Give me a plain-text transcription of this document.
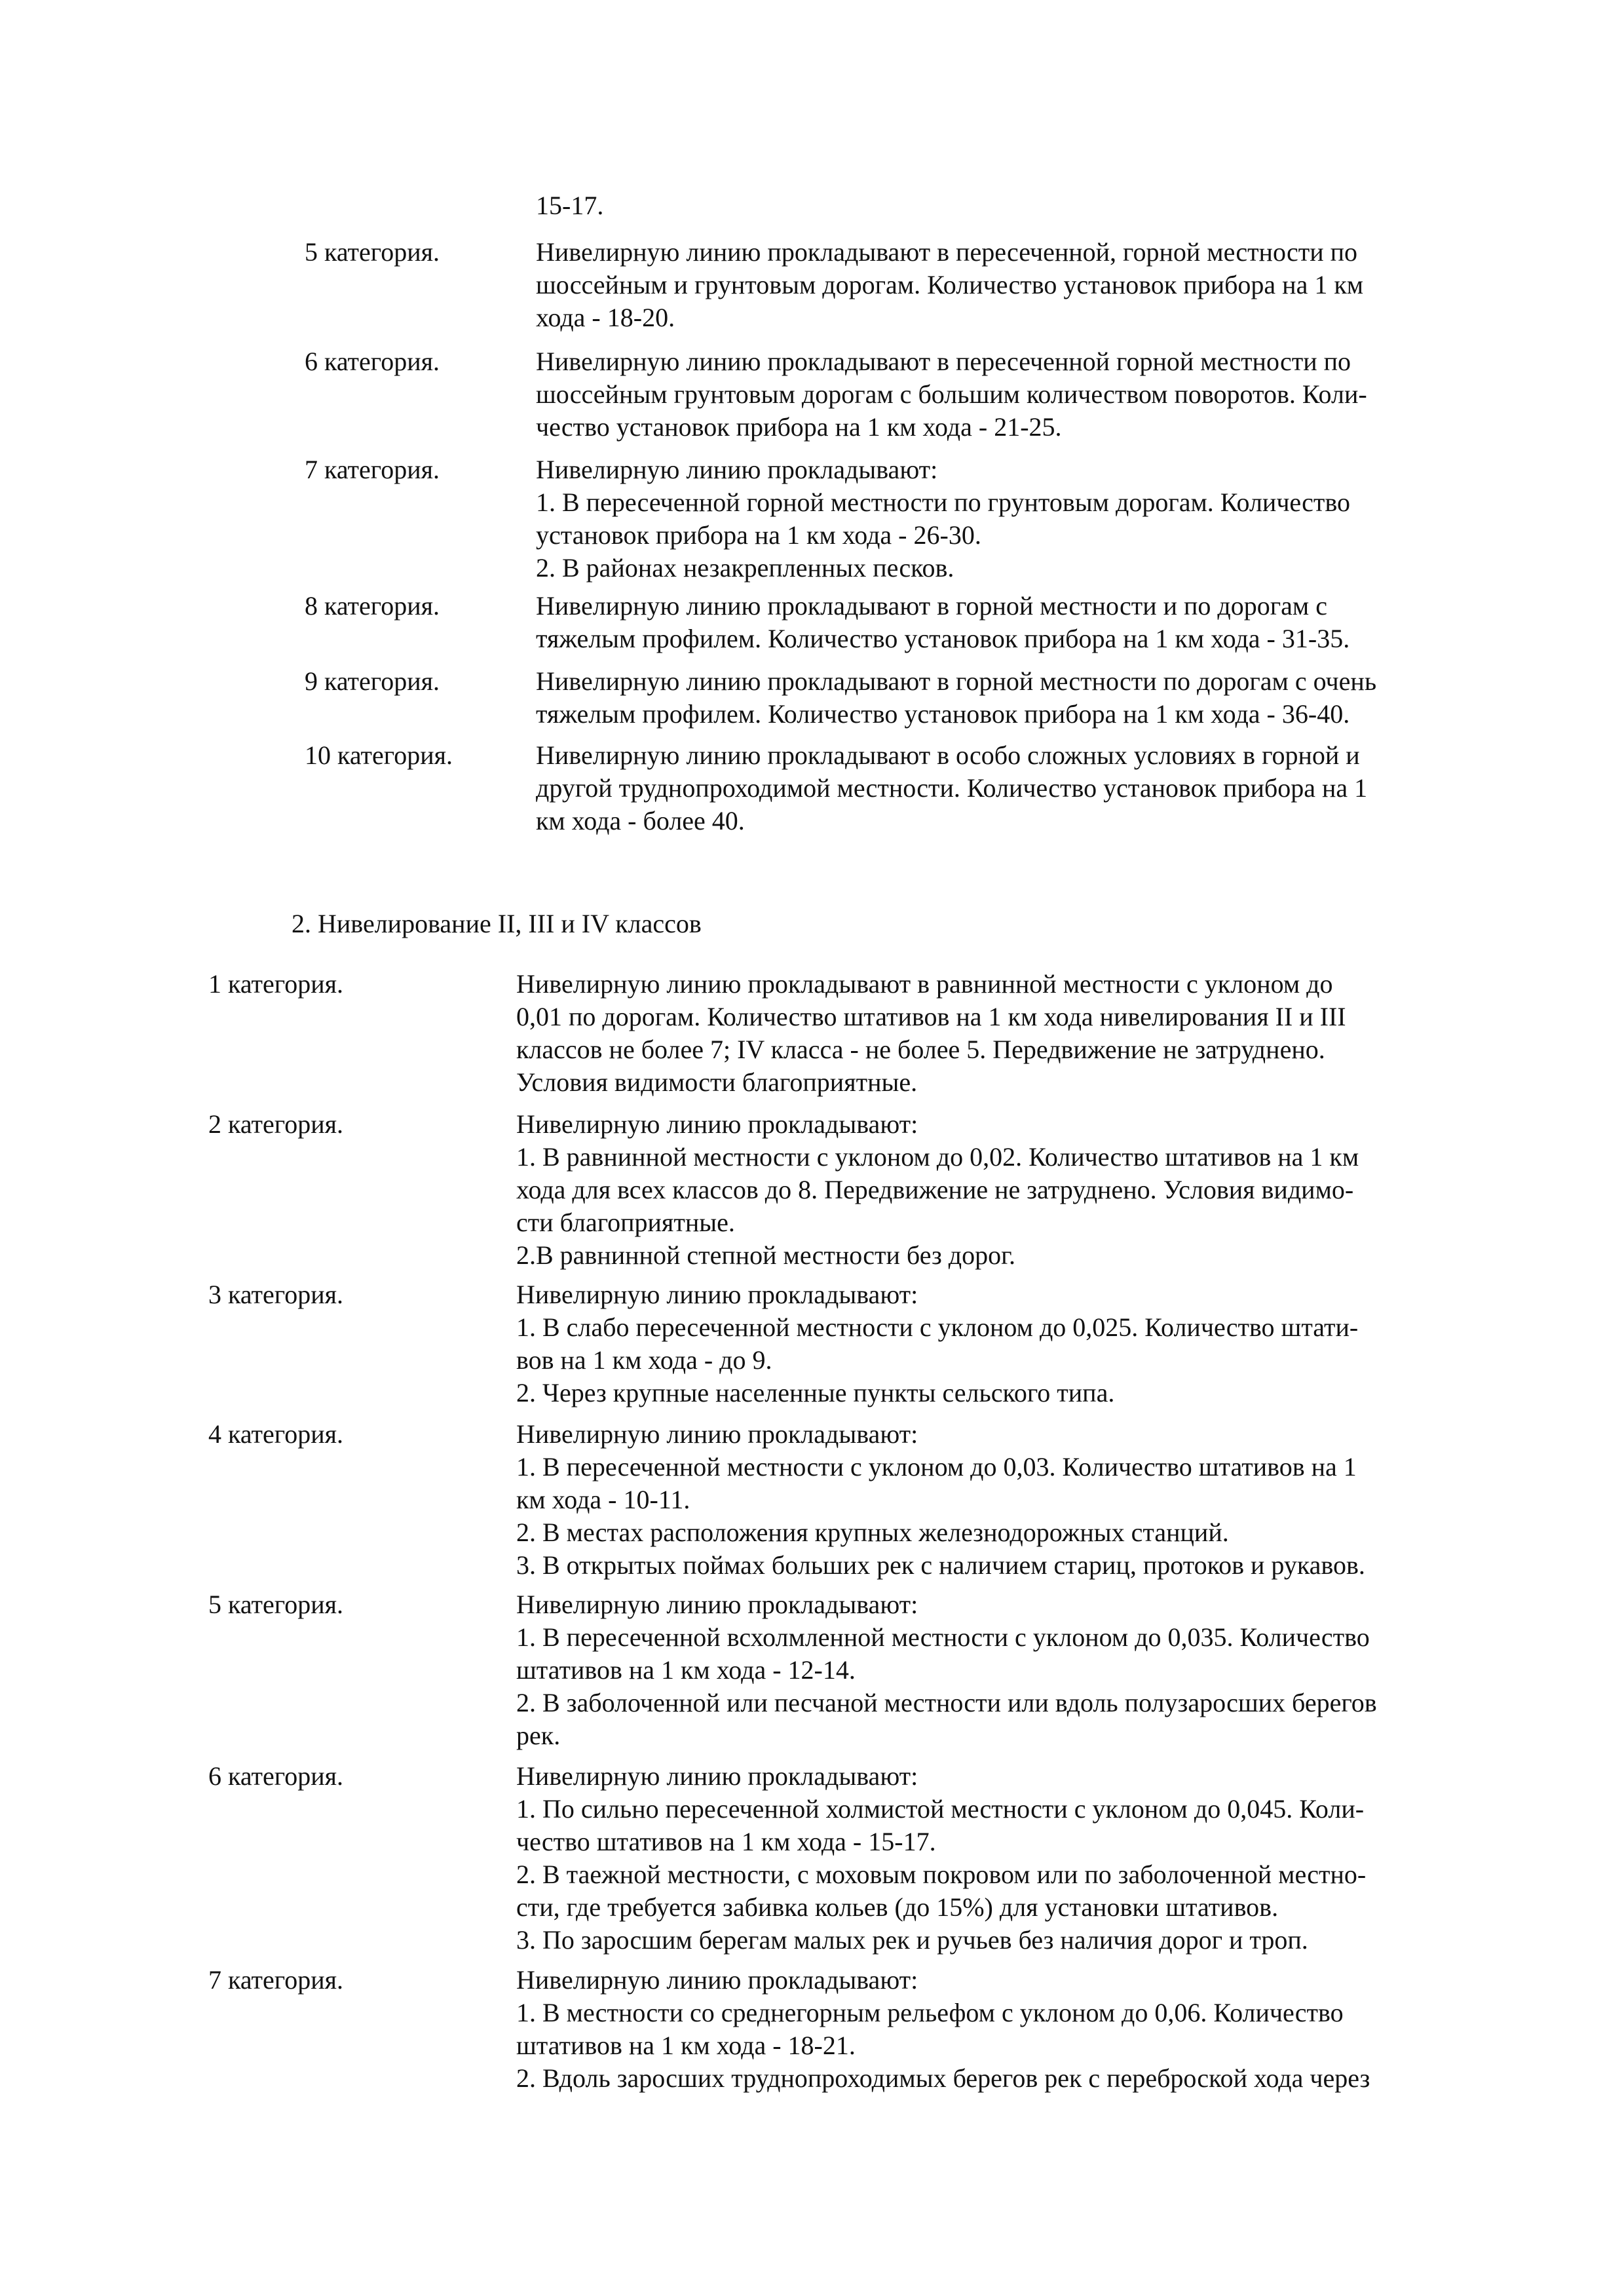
15-17.
5 категория.	Нивелирную линию прокладывают в пересеченной, горной местности по
шоссейным и грунтовым дорогам. Количество установок прибора на 1 км
хода - 18-20.
6 категория.	Нивелирную линию прокладывают в пересеченной горной местности по
шоссейным грунтовым дорогам с большим количеством поворотов. Коли-
чество установок прибора на 1 км хода - 21-25.
7 категория.	Нивелирную линию прокладывают:
1. В пересеченной горной местности по грунтовым дорогам. Количество
установок прибора на 1 км хода - 26-30.
2. В районах незакрепленных песков.
8 категория.	Нивелирную линию прокладывают в горной местности и по дорогам с
тяжелым профилем. Количество установок прибора на 1 км хода - 31-35.
9 категория.	Нивелирную линию прокладывают в горной местности по дорогам с очень
тяжелым профилем. Количество установок прибора на 1 км хода - 36-40.
10 категория.	Нивелирную линию прокладывают в особо сложных условиях в горной и
другой труднопроходимой местности. Количество установок прибора на 1
км хода - более 40.
2. Нивелирование II, III и IV классов
1 категория.	Нивелирную линию прокладывают в равнинной местности с уклоном до
0,01 по дорогам. Количество штативов на 1 км хода нивелирования II и III
классов не более 7; IV класса - не более 5. Передвижение не затруднено.
Условия видимости благоприятные.
2 категория.	Нивелирную линию прокладывают:
1. В равнинной местности с уклоном до 0,02. Количество штативов на 1 км
хода для всех классов до 8. Передвижение не затруднено. Условия видимо-
сти благоприятные.
2.В равнинной степной местности без дорог.
3 категория.	Нивелирную линию прокладывают:
1. В слабо пересеченной местности с уклоном до 0,025. Количество штати-
вов на 1 км хода - до 9.
2. Через крупные населенные пункты сельского типа.
4 категория.	Нивелирную линию прокладывают:
1. В пересеченной местности с уклоном до 0,03. Количество штативов на 1
км хода - 10-11.
2. В местах расположения крупных железнодорожных станций.
3. В открытых поймах больших рек с наличием стариц, протоков и рукавов.
5 категория.	Нивелирную линию прокладывают:
1. В пересеченной всхолмленной местности с уклоном до 0,035. Количество
штативов на 1 км хода - 12-14.
2. В заболоченной или песчаной местности или вдоль полузаросших берегов
рек.
6 категория.	Нивелирную линию прокладывают:
1. По сильно пересеченной холмистой местности с уклоном до 0,045. Коли-
чество штативов на 1 км хода - 15-17.
2. В таежной местности, с моховым покровом или по заболоченной местно-
сти, где требуется забивка кольев (до 15%) для установки штативов.
3. По заросшим берегам малых рек и ручьев без наличия дорог и троп.
7 категория.	Нивелирную линию прокладывают:
1. В местности со среднегорным рельефом с уклоном до 0,06. Количество
штативов на 1 км хода - 18-21.
2. Вдоль заросших труднопроходимых берегов рек с переброской хода через
